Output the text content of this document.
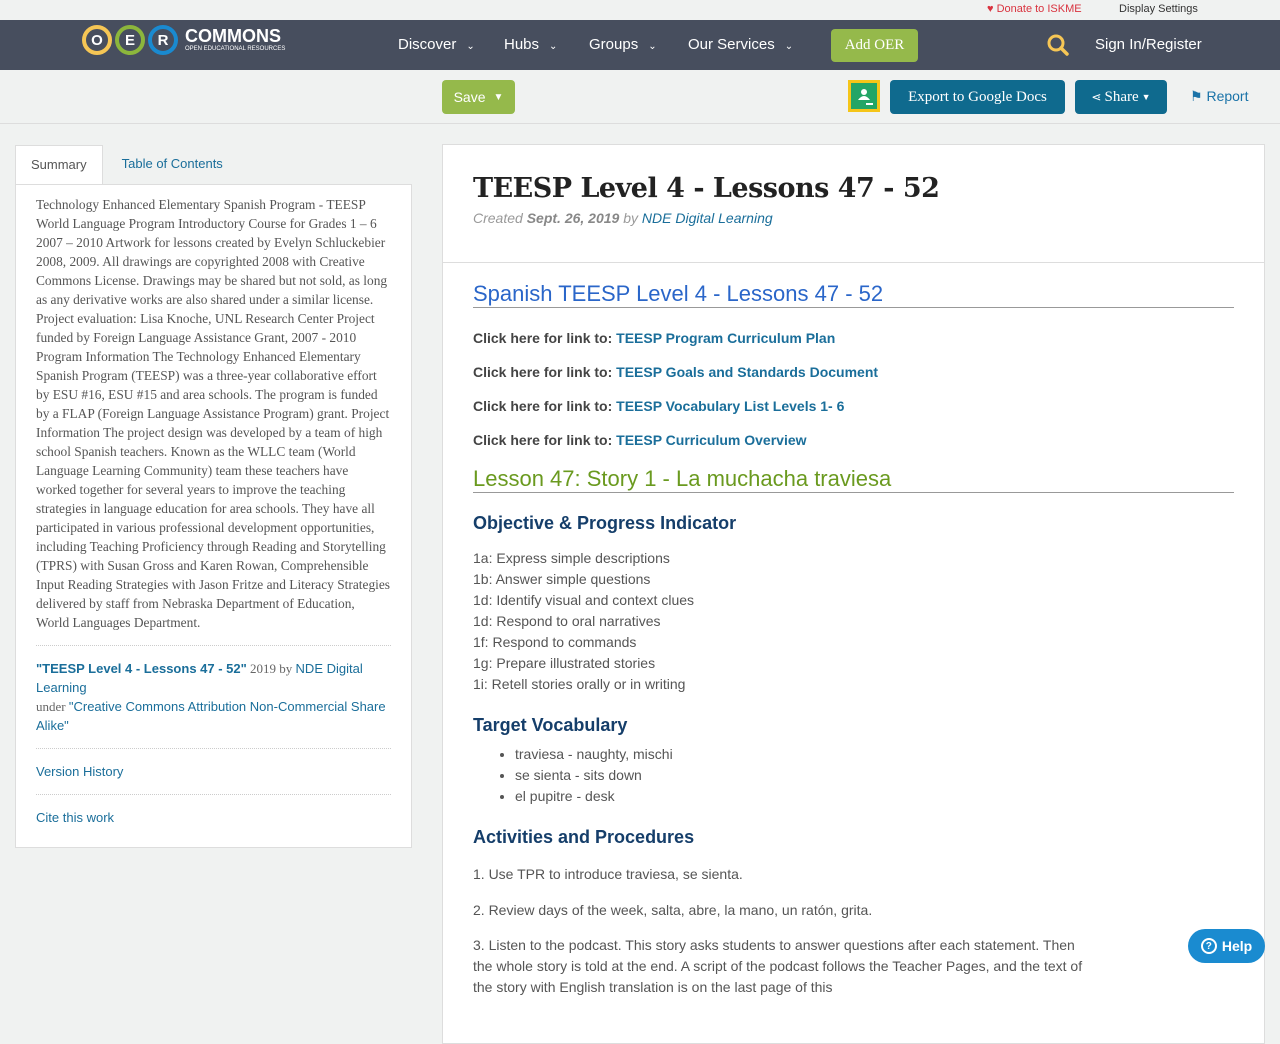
♥ Donate to ISKME	Display Settings
O	E	R COMMONS
OPEN EDUCATIONAL RESOURCES	Discover ⌄ Hubs ⌄ Groups ⌄ Our Services ⌄	Add OER	Sign In/Register
Save ▼	Export to Google Docs	⋖ Share ▼	⚑ Report
Summary	Table of Contents

Technology Enhanced Elementary Spanish Program - TEESP World Language Program Introductory Course for Grades 1 – 6 2007 – 2010 Artwork for lessons created by Evelyn Schluckebier 2008, 2009. All drawings are copyrighted 2008 with Creative Commons License. Drawings may be shared but not sold, as long as any derivative works are also shared under a similar license. Project evaluation: Lisa Knoche, UNL Research Center Project funded by Foreign Language Assistance Grant, 2007 - 2010 Program Information The Technology Enhanced Elementary Spanish Program (TEESP) was a three-year collaborative effort by ESU #16, ESU #15 and area schools. The program is funded by a FLAP (Foreign Language Assistance Program) grant. Project Information The project design was developed by a team of high school Spanish teachers. Known as the WLLC team (World Language Learning Community) team these teachers have worked together for several years to improve the teaching strategies in language education for area schools. They have all participated in various professional development opportunities, including Teaching Proficiency through Reading and Storytelling (TPRS) with Susan Gross and Karen Rowan, Comprehensible Input Reading Strategies with Jason Fritze and Literacy Strategies delivered by staff from Nebraska Department of Education, World Languages Department.

"TEESP Level 4 - Lessons 47 - 52" 2019 by NDE Digital Learning
under "Creative Commons Attribution Non-Commercial Share Alike"
Version History
Cite this work
TEESP Level 4 - Lessons 47 - 52
Created Sept. 26, 2019 by NDE Digital Learning
Spanish TEESP Level 4 - Lessons 47 - 52
Click here for link to: TEESP Program Curriculum Plan
Click here for link to: TEESP Goals and Standards Document
Click here for link to: TEESP Vocabulary List Levels 1- 6
Click here for link to: TEESP Curriculum Overview
Lesson 47: Story 1 - La muchacha traviesa
Objective & Progress Indicator
1a: Express simple descriptions
1b: Answer simple questions
1d: Identify visual and context clues
1d: Respond to oral narratives
1f: Respond to commands
1g: Prepare illustrated stories
1i: Retell stories orally or in writing
Target Vocabulary
• traviesa - naughty, mischi
• se sienta - sits down
• el pupitre - desk
Activities and Procedures

1. Use TPR to introduce traviesa, se sienta.

2. Review days of the week, salta, abre, la mano, un ratón, grita.

3. Listen to the podcast. This story asks students to answer questions after each statement. Then the whole story is told at the end. A script of the podcast follows the Teacher Pages, and the text of the story with English translation is on the last page of this

? Help
